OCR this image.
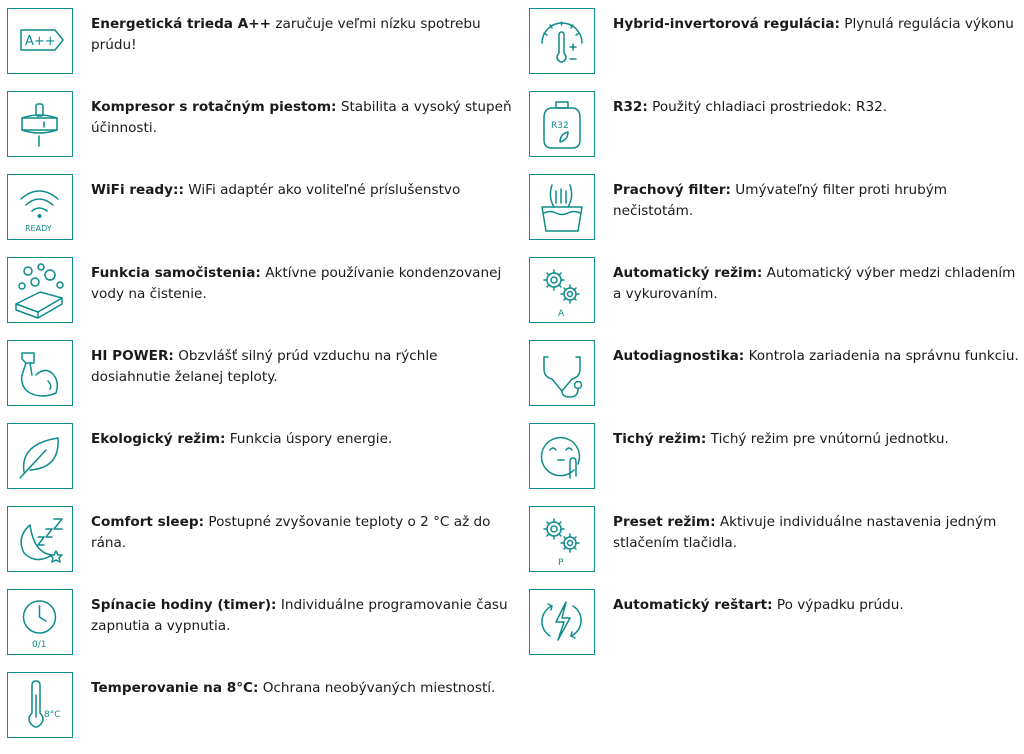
A++
Energetická trieda A++ zaručuje veľmi nízku spotrebu prúdu!
Kompresor s rotačným piestom: Stabilita a vysoký stupeň účinnosti.
READY
WiFi ready:: WiFi adaptér ako voliteľné príslušenstvo
Funkcia samočistenia: Aktívne používanie kondenzovanej vody na čistenie.
HI POWER: Obzvlášť silný prúd vzduchu na rýchle dosiahnutie želanej teploty.
Ekologický režim: Funkcia úspory energie.
Comfort sleep: Postupné zvyšovanie teploty o 2 °C až do rána.
0/1
Spínacie hodiny (timer): Individuálne programovanie času zapnutia a vypnutia.
8°C
Temperovanie na 8°C: Ochrana neobývaných miestností.
Hybrid-invertorová regulácia: Plynulá regulácia výkonu
R32
R32: Použitý chladiaci prostriedok: R32.
Prachový filter: Umývateľný filter proti hrubým nečistotám.
A
Automatický režim: Automatický výber medzi chladením a vykurovaním.
Autodiagnostika: Kontrola zariadenia na správnu funkciu.
Tichý režim: Tichý režim pre vnútornú jednotku.
P
Preset režim: Aktivuje individuálne nastavenia jedným stlačením tlačidla.
Automatický reštart: Po výpadku prúdu.
